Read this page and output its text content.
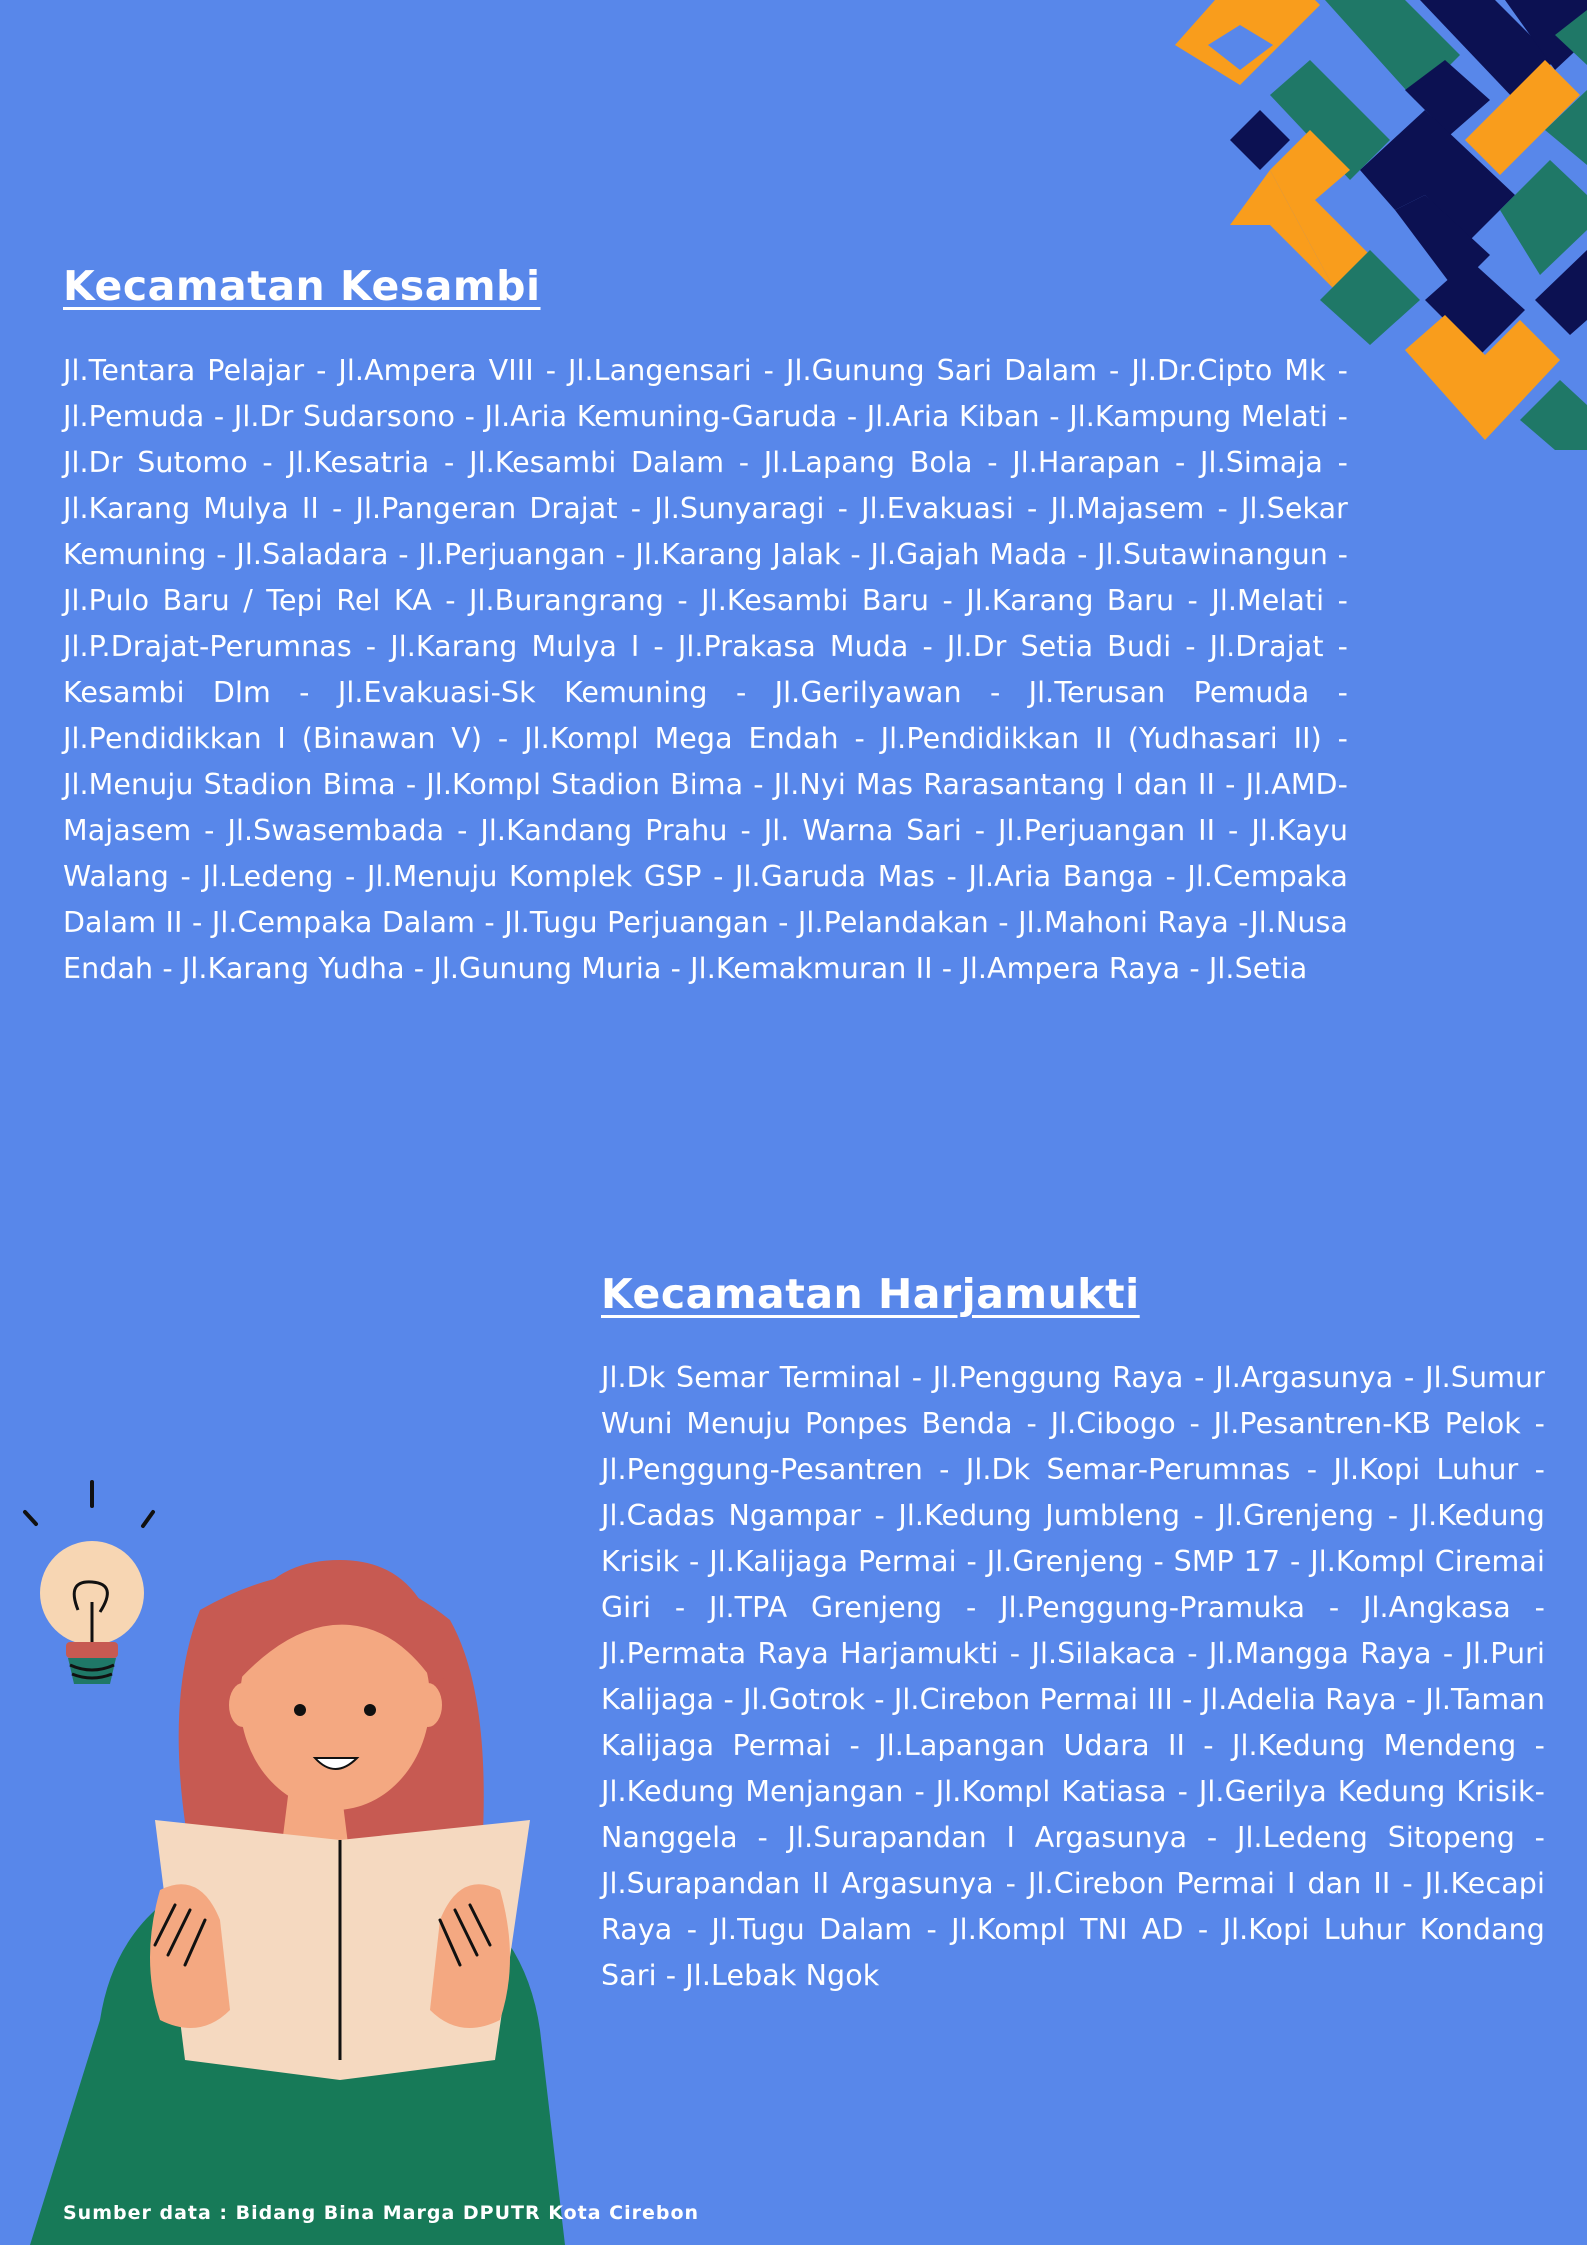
Kecamatan Kesambi

Jl.Tentara Pelajar - Jl.Ampera VIII - Jl.Langensari - Jl.Gunung Sari Dalam - Jl.Dr.Cipto Mk - Jl.Pemuda - Jl.Dr Sudarsono - Jl.Aria Kemuning-Garuda - Jl.Aria Kiban - Jl.Kampung Melati - Jl.Dr Sutomo - Jl.Kesatria - Jl.Kesambi Dalam - Jl.Lapang Bola - Jl.Harapan - Jl.Simaja - Jl.Karang Mulya II - Jl.Pangeran Drajat - Jl.Sunyaragi - Jl.Evakuasi - Jl.Majasem - Jl.Sekar Kemuning - Jl.Saladara - Jl.Perjuangan - Jl.Karang Jalak - Jl.Gajah Mada - Jl.Sutawinangun - Jl.Pulo Baru / Tepi Rel KA - Jl.Burangrang - Jl.Kesambi Baru - Jl.Karang Baru - Jl.Melati - Jl.P.Drajat-Perumnas - Jl.Karang Mulya I - Jl.Prakasa Muda - Jl.Dr Setia Budi - Jl.Drajat - Kesambi Dlm - Jl.Evakuasi-Sk Kemuning - Jl.Gerilyawan - Jl.Terusan Pemuda - Jl.Pendidikkan I (Binawan V) - Jl.Kompl Mega Endah - Jl.Pendidikkan II (Yudhasari II) - Jl.Menuju Stadion Bima - Jl.Kompl Stadion Bima - Jl.Nyi Mas Rarasantang I dan II - Jl.AMD-Majasem - Jl.Swasembada - Jl.Kandang Prahu - Jl. Warna Sari - Jl.Perjuangan II - Jl.Kayu Walang - Jl.Ledeng - Jl.Menuju Komplek GSP - Jl.Garuda Mas - Jl.Aria Banga - Jl.Cempaka Dalam II - Jl.Cempaka Dalam - Jl.Tugu Perjuangan - Jl.Pelandakan - Jl.Mahoni Raya -Jl.Nusa Endah - Jl.Karang Yudha - Jl.Gunung Muria - Jl.Kemakmuran II - Jl.Ampera Raya - Jl.Setia

Kecamatan Harjamukti

Jl.Dk Semar Terminal - Jl.Penggung Raya - Jl.Argasunya - Jl.Sumur Wuni Menuju Ponpes Benda - Jl.Cibogo - Jl.Pesantren-KB Pelok - Jl.Penggung-Pesantren - Jl.Dk Semar-Perumnas - Jl.Kopi Luhur - Jl.Cadas Ngampar - Jl.Kedung Jumbleng - Jl.Grenjeng - Jl.Kedung Krisik - Jl.Kalijaga Permai - Jl.Grenjeng - SMP 17 - Jl.Kompl Ciremai Giri - Jl.TPA Grenjeng - Jl.Penggung-Pramuka - Jl.Angkasa - Jl.Permata Raya Harjamukti - Jl.Silakaca - Jl.Mangga Raya - Jl.Puri Kalijaga - Jl.Gotrok - Jl.Cirebon Permai III - Jl.Adelia Raya - Jl.Taman Kalijaga Permai - Jl.Lapangan Udara II - Jl.Kedung Mendeng - Jl.Kedung Menjangan - Jl.Kompl Katiasa - Jl.Gerilya Kedung Krisik-Nanggela - Jl.Surapandan I Argasunya - Jl.Ledeng Sitopeng - Jl.Surapandan II Argasunya - Jl.Cirebon Permai I dan II - Jl.Kecapi Raya - Jl.Tugu Dalam - Jl.Kompl TNI AD - Jl.Kopi Luhur Kondang Sari - Jl.Lebak Ngok

Sumber data : Bidang Bina Marga DPUTR Kota Cirebon
